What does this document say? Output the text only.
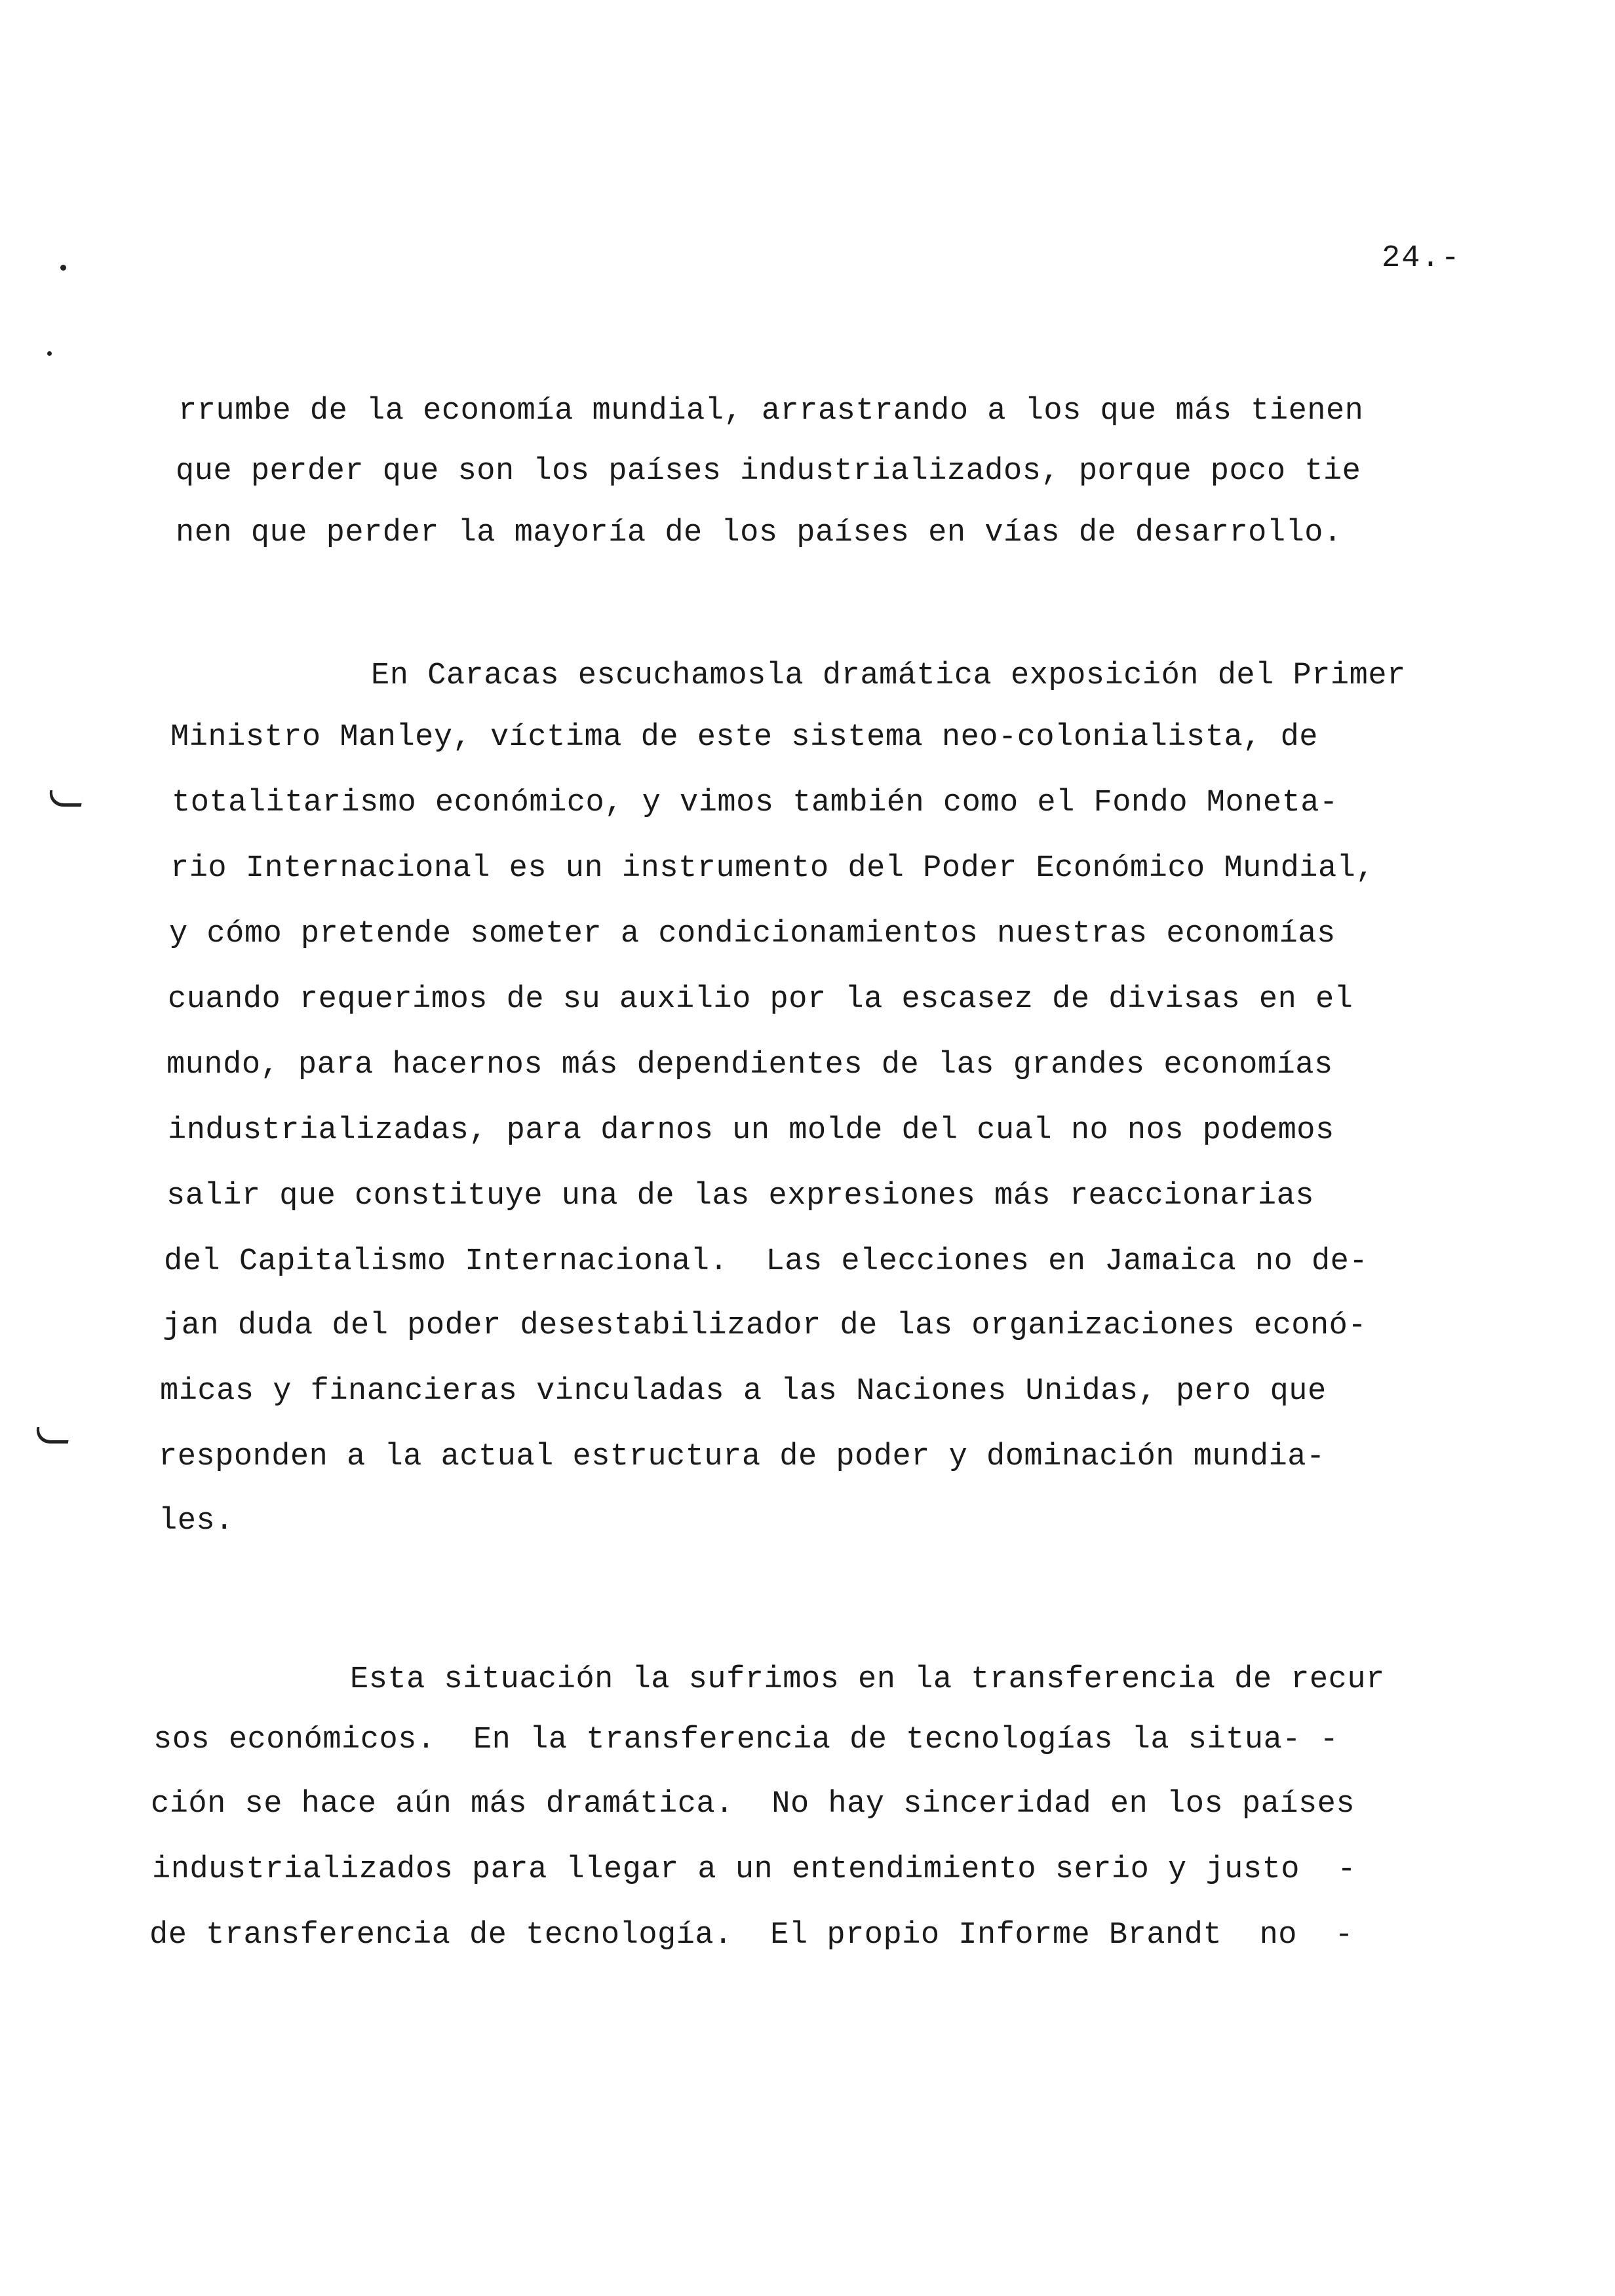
24.-
rrumbe de la economía mundial, arrastrando a los que más tienen
que perder que son los países industrializados, porque poco tie
nen que perder la mayoría de los países en vías de desarrollo.
En Caracas escuchamosla dramática exposición del Primer
Ministro Manley, víctima de este sistema neo-colonialista, de
totalitarismo económico, y vimos también como el Fondo Moneta-
rio Internacional es un instrumento del Poder Económico Mundial,
y cómo pretende someter a condicionamientos nuestras economías
cuando requerimos de su auxilio por la escasez de divisas en el
mundo, para hacernos más dependientes de las grandes economías
industrializadas, para darnos un molde del cual no nos podemos
salir que constituye una de las expresiones más reaccionarias
del Capitalismo Internacional.  Las elecciones en Jamaica no de-
jan duda del poder desestabilizador de las organizaciones econó-
micas y financieras vinculadas a las Naciones Unidas, pero que
responden a la actual estructura de poder y dominación mundia-
les.
Esta situación la sufrimos en la transferencia de recur
sos económicos.  En la transferencia de tecnologías la situa- -
ción se hace aún más dramática.  No hay sinceridad en los países
industrializados para llegar a un entendimiento serio y justo  -
de transferencia de tecnología.  El propio Informe Brandt  no  -
